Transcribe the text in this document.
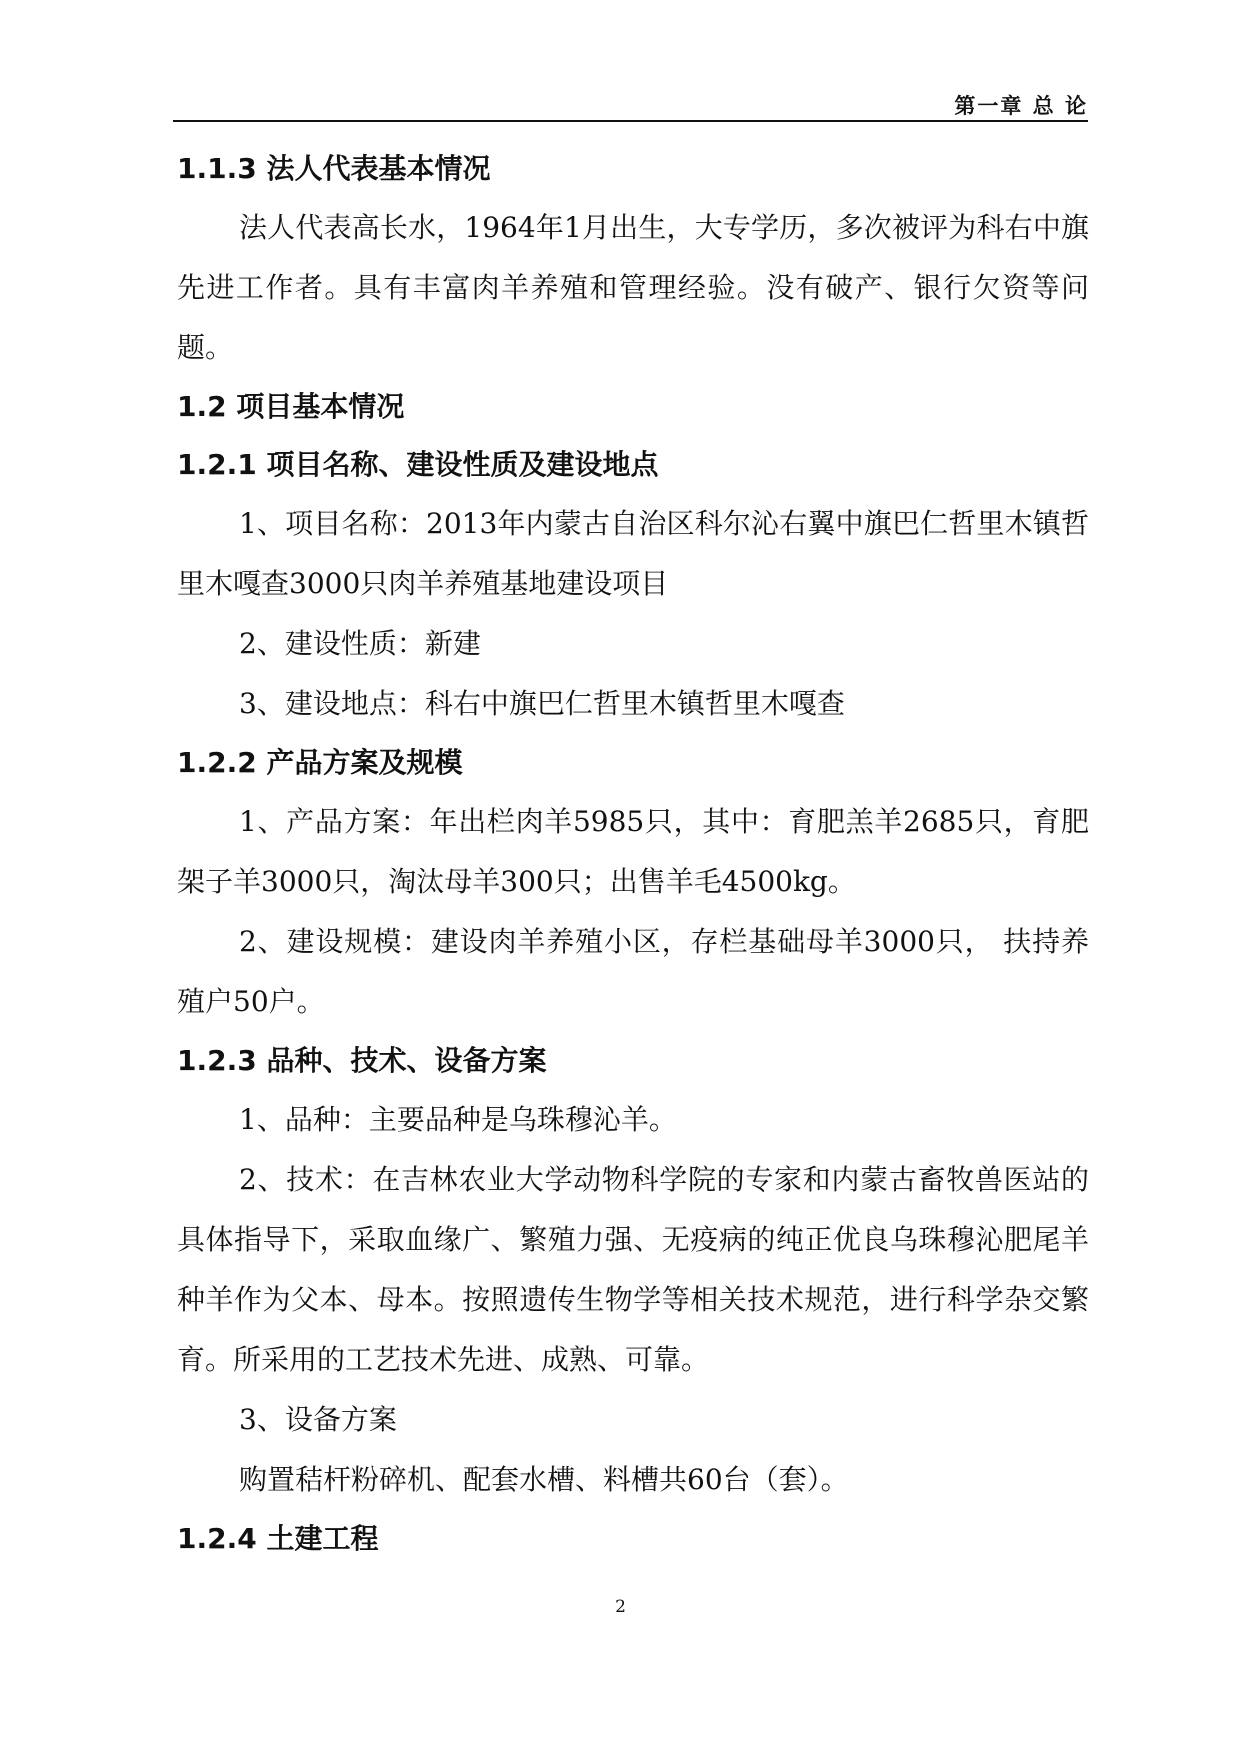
第一章 总 论
1.1.3 法人代表基本情况

法人代表高长水，1964年1月出生，大专学历，多次被评为科右中旗先进工作者。具有丰富肉羊养殖和管理经验。没有破产、银行欠资等问题。

1.2 项目基本情况
1.2.1 项目名称、建设性质及建设地点

1、项目名称：2013年内蒙古自治区科尔沁右翼中旗巴仁哲里木镇哲里木嘎查3000只肉羊养殖基地建设项目

2、建设性质：新建

3、建设地点：科右中旗巴仁哲里木镇哲里木嘎查

1.2.2 产品方案及规模

1、产品方案：年出栏肉羊5985只，其中：育肥羔羊2685只，育肥架子羊3000只，淘汰母羊300只；出售羊毛4500kg。

2、建设规模：建设肉羊养殖小区，存栏基础母羊3000只， 扶持养殖户50户。

1.2.3 品种、技术、设备方案

1、品种：主要品种是乌珠穆沁羊。

2、技术：在吉林农业大学动物科学院的专家和内蒙古畜牧兽医站的具体指导下，采取血缘广、繁殖力强、无疫病的纯正优良乌珠穆沁肥尾羊种羊作为父本、母本。按照遗传生物学等相关技术规范，进行科学杂交繁育。所采用的工艺技术先进、成熟、可靠。

3、设备方案

购置秸杆粉碎机、配套水槽、料槽共60台（套）。

1.2.4 土建工程
2
